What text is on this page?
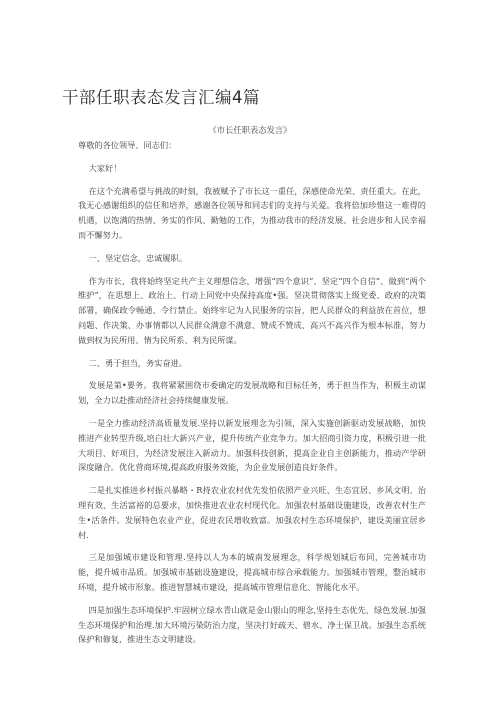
干部任职表态发言汇编4篇
《市长任职表态发言》

尊敬的各位领导、同志们：

大家好！

在这个充满希望与挑战的时刻，我被赋予了市长这一重任，深感使命光荣、责任重大。在此，我无心感谢组织的信任和培养，感谢各位领导和同志们的支持与关爱。我将倍加珍惜这一难得的机遇，以饱满的热情、务实的作风、勤勉的工作，为推动我市的经济发展、社会进步和人民幸福而不懈努力。

一、坚定信念，忠诚履职。

作为市长，我将始终坚定共产主义理想信念，增强“四个意识”、坚定“四个自信”、做到“两个维护”，在思想上、政治上、行动上同党中央保持高度•强。坚决贯彻落实上级党委、政府的决策部署，确保政令畅通、令行禁止。始终牢记为人民服务的宗旨，把人民群众的利益放在首位，想问题、作决策、办事情都以人民群众满意不满意、赞成不赞成、高兴不高兴作为根本标准，努力做到权为民所用、情为民所系、利为民所谋。

二、勇于担当，务实奋进。

发展是第•要务。我将紧紧围绕市委确定的发展战略和目标任务，勇于担当作为，积极主动谋划，全力以赴推动经济社会持续健康发展。

一是全力推动经济高质量发展.坚持以新发展理念为引领，深入实施创新驱动发展战略，加快推进产业转型升级,培白壮大新兴产业，提升传统产业竞争力。加大招商引资力度，积极引进一批大项目、好项目，为经济发展注入新动力。加强科技创新，提高企业自主创新能力，推动产学研深度融合。优化营商环境,提高政府服务效能，为企业发展创造良好条件。

二是扎实推进乡村振兴暴略・R持农业农村优先发怕依照产业兴旺、生态宜居、乡风文明、治理有效、生活富裕的总要求，加快推进农业农村现代化。加强农村基础设施建设，改善农村生产生•活条件。发展特色农业产业，促进农民增收致富。加强农村生态环境保护，建设美丽宜居乡村.

三是加强城市建设和管理.坚持以人为本的城南发展理念，科学规划城后布同，完善城市功能，提升城市品质。加强城市基础设施建设，提高城市综合承载能力。加强城市管理，整治城市环境，提升城市形象。推进智慧城市建设，提高城市管理信息化、智能化水平。

四是加强生态环境保护.牢固树立绿水青山就是金山银山的理念,坚持生态优先、绿色发展.加强生态环境保护和治理.加大环境污染防治力度，坚决打好疏天、碧水、净土保卫战。加强生态系统保护和修复，推进生态文明建设。
